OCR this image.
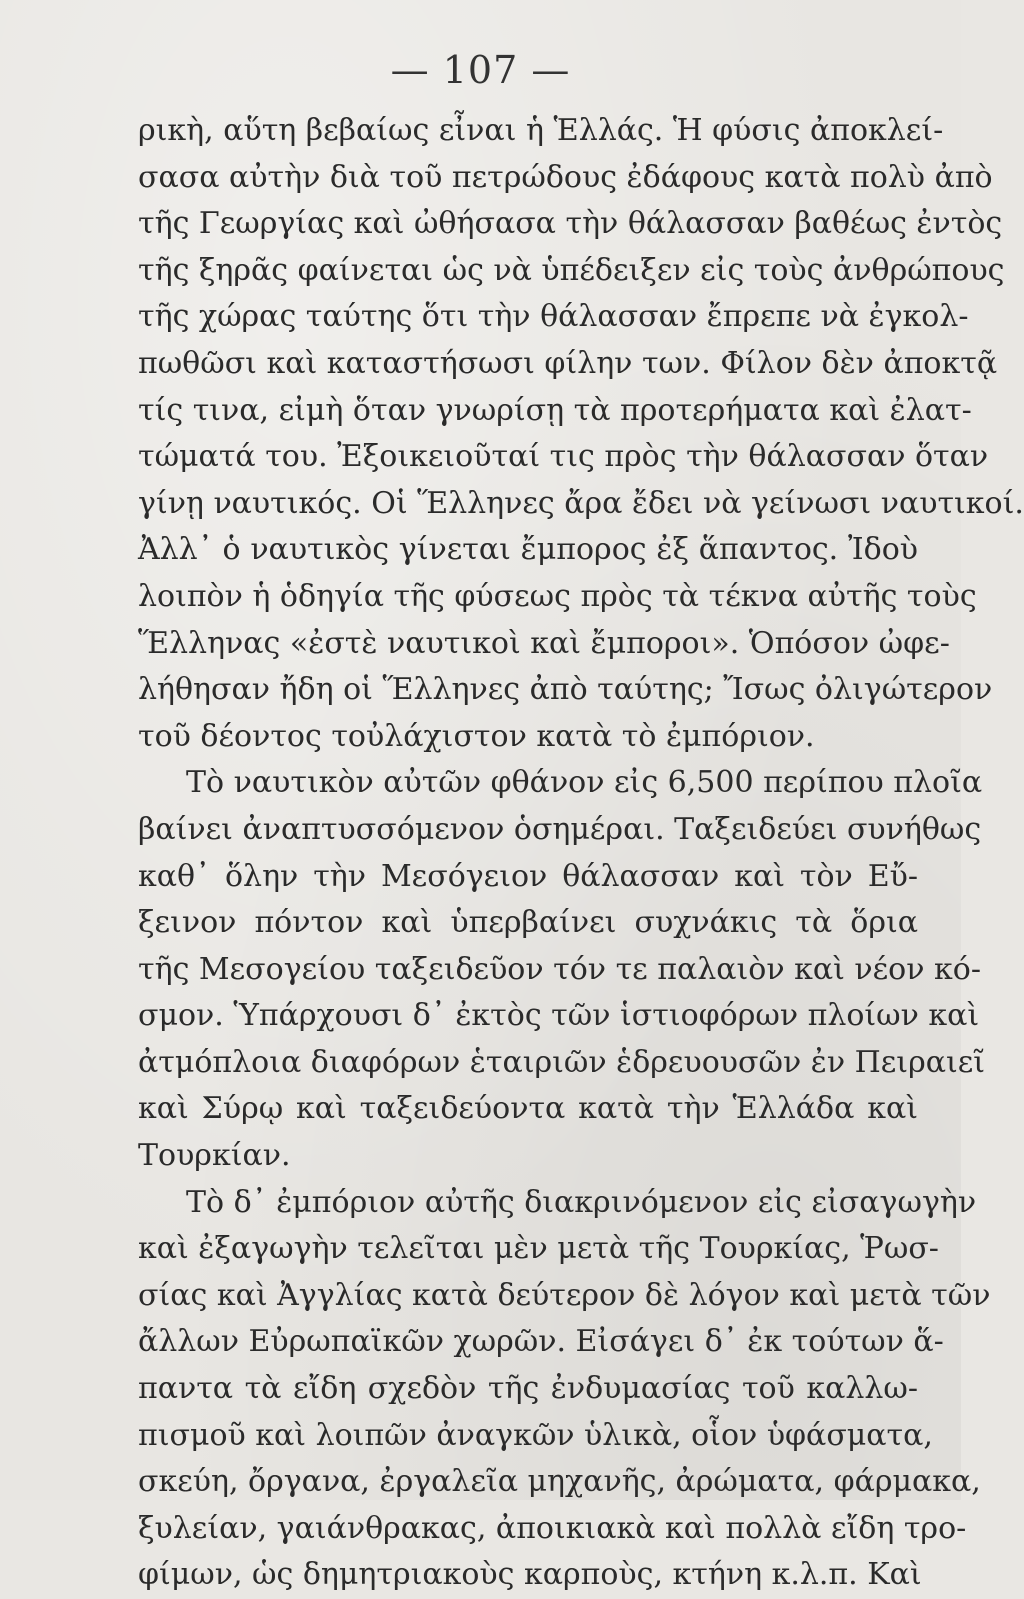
— 107 —
ρικὴ, αὕτη βεβαίως εἶναι ἡ Ἑλλάς. Ἡ φύσις ἀποκλεί-
σασα αὐτὴν διὰ τοῦ πετρώδους ἐδάφους κατὰ πολὺ ἀπὸ
τῆς Γεωργίας καὶ ὠθήσασα τὴν θάλασσαν βαθέως ἐντὸς
τῆς ξηρᾶς φαίνεται ὡς νὰ ὑπέδειξεν εἰς τοὺς ἀνθρώπους
τῆς χώρας ταύτης ὅτι τὴν θάλασσαν ἔπρεπε νὰ ἐγκολ-
πωθῶσι καὶ καταστήσωσι φίλην των. Φίλον δὲν ἀποκτᾷ
τίς τινα, εἰμὴ ὅταν γνωρίσῃ τὰ προτερήματα καὶ ἐλατ-
τώματά του. Ἐξοικειοῦταί τις πρὸς τὴν θάλασσαν ὅταν
γίνῃ ναυτικός. Οἱ Ἕλληνες ἄρα ἔδει νὰ γείνωσι ναυτικοί.
Ἀλλ᾽ ὁ ναυτικὸς γίνεται ἔμπορος ἐξ ἅπαντος. Ἰδοὺ
λοιπὸν ἡ ὁδηγία τῆς φύσεως πρὸς τὰ τέκνα αὐτῆς τοὺς
Ἕλληνας «ἐστὲ ναυτικοὶ καὶ ἔμποροι». Ὁπόσον ὠφε-
λήθησαν ἤδη οἱ Ἕλληνες ἀπὸ ταύτης; Ἴσως ὀλιγώτερον
τοῦ δέοντος τοὐλάχιστον κατὰ τὸ ἐμπόριον.
Τὸ ναυτικὸν αὐτῶν φθάνον εἰς 6,500 περίπου πλοῖα
βαίνει ἀναπτυσσόμενον ὁσημέραι. Ταξειδεύει συνήθως
καθ᾽ ὅλην τὴν Μεσόγειον θάλασσαν καὶ τὸν Εὔ-
ξεινον πόντον καὶ ὑπερβαίνει συχνάκις τὰ ὅρια
τῆς Μεσογείου ταξειδεῦον τόν τε παλαιὸν καὶ νέον κό-
σμον. Ὑπάρχουσι δ᾽ ἐκτὸς τῶν ἱστιοφόρων πλοίων καὶ
ἀτμόπλοια διαφόρων ἑταιριῶν ἑδρευουσῶν ἐν Πειραιεῖ
καὶ Σύρῳ καὶ ταξειδεύοντα κατὰ τὴν Ἑλλάδα καὶ
Τουρκίαν.
Τὸ δ᾽ ἐμπόριον αὐτῆς διακρινόμενον εἰς εἰσαγωγὴν
καὶ ἐξαγωγὴν τελεῖται μὲν μετὰ τῆς Τουρκίας, Ῥωσ-
σίας καὶ Ἀγγλίας κατὰ δεύτερον δὲ λόγον καὶ μετὰ τῶν
ἄλλων Εὐρωπαϊκῶν χωρῶν. Εἰσάγει δ᾽ ἐκ τούτων ἅ-
παντα τὰ εἴδη σχεδὸν τῆς ἐνδυμασίας τοῦ καλλω-
πισμοῦ καὶ λοιπῶν ἀναγκῶν ὑλικὰ, οἷον ὑφάσματα,
σκεύη, ὄργανα, ἐργαλεῖα μηχανῆς, ἀρώματα, φάρμακα,
ξυλείαν, γαιάνθρακας, ἀποικιακὰ καὶ πολλὰ εἴδη τρο-
φίμων, ὡς δημητριακοὺς καρποὺς, κτήνη κ.λ.π. Καὶ
